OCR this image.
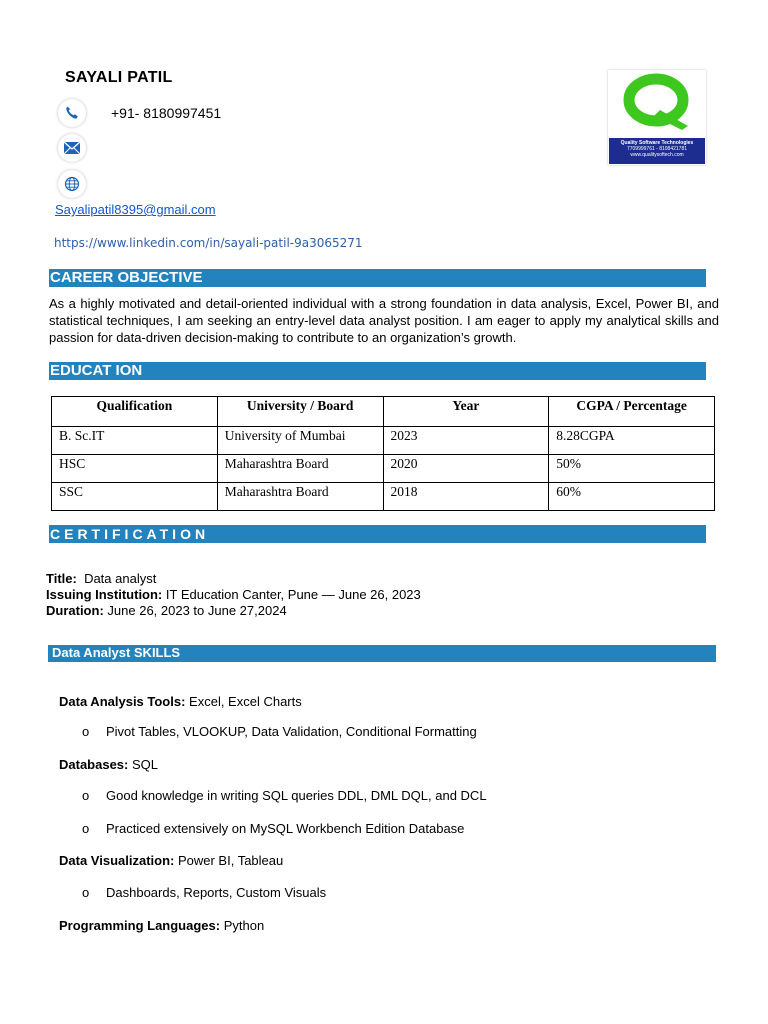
SAYALI PATIL
+91- 8180997451
Sayalipatil8395@gmail.com
https://www.linkedin.com/in/sayali-patil-9a3065271
Quality Software Technologies
7709999761 - 8108421781
www.qualitysoftech.com
CAREER OBJECTIVE
As a highly motivated and detail-oriented individual with a strong foundation in data analysis, Excel, Power BI, and statistical techniques, I am seeking an entry-level data analyst position. I am eager to apply my analytical skills and passion for data-driven decision-making to contribute to an organization’s growth.
EDUCAT ION
Qualification	University / Board	Year	CGPA / Percentage
B. Sc.IT	University of Mumbai	2023	8.28CGPA
HSC	Maharashtra Board	2020	50%
SSC	Maharashtra Board	2018	60%
CERTIFICATION
Title: Data analyst
Issuing Institution: IT Education Canter, Pune — June 26, 2023
Duration: June 26, 2023 to June 27,2024
Data Analyst SKILLS
Data Analysis Tools: Excel, Excel Charts
o Pivot Tables, VLOOKUP, Data Validation, Conditional Formatting
Databases: SQL
o Good knowledge in writing SQL queries DDL, DML DQL, and DCL
o Practiced extensively on MySQL Workbench Edition Database
Data Visualization: Power BI, Tableau
o Dashboards, Reports, Custom Visuals
Programming Languages: Python
